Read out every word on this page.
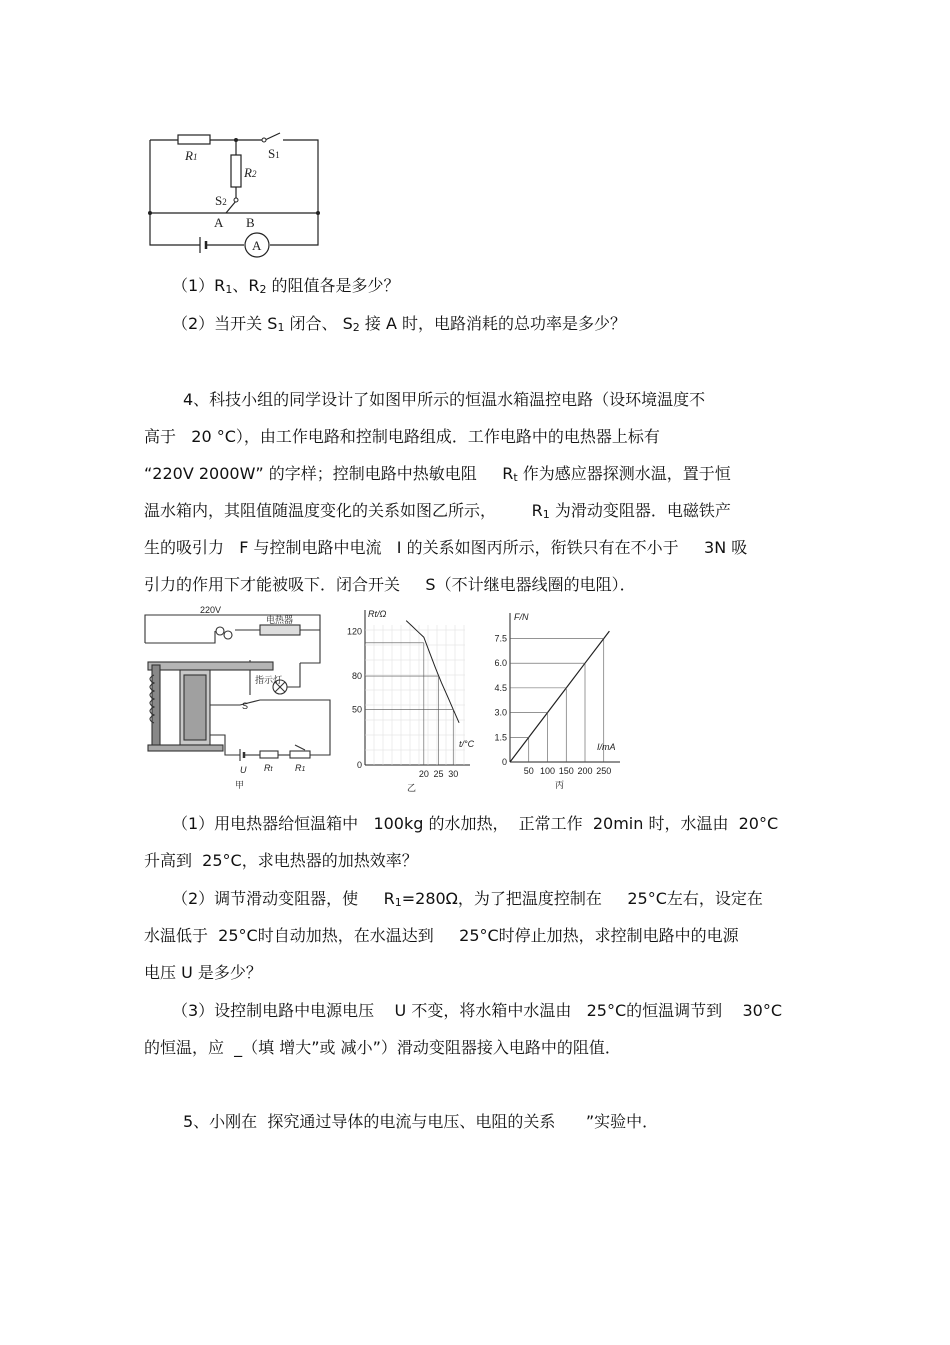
R1
R2
S1
S2
A B
A
（1）R1、R2 的阻值各是多少？
（2）当开关 S1 闭合、 S2 接 A 时，电路消耗的总功率是多少？
4、科技小组的同学设计了如图甲所示的恒温水箱温控电路（设环境温度不
高于   20 °C），由工作电路和控制电路组成．工作电路中的电热器上标有
“220V 2000W” 的字样；控制电路中热敏电阻     Rt 作为感应器探测水温，置于恒
温水箱内，其阻值随温度变化的关系如图乙所示，       R1 为滑动变阻器．电磁铁产
生的吸引力   F 与控制电路中电流   I 的关系如图丙所示，衔铁只有在不小于     3N 吸
引力的作用下才能被吸下．闭合开关     S（不计继电器线圈的电阻）．
220V
电热器
指示灯
S
U Rt	R1
甲
0
50
80
120
20 25 30
Rt/Ω
t/°C
乙
0
1.5
3.0
4.5
6.0
7.5
50 100 150 200 250
F/N
I/mA
丙
（1）用电热器给恒温箱中   100kg 的水加热，  正常工作  20min 时，水温由  20°C
升高到  25°C，求电热器的加热效率？
（2）调节滑动变阻器，使     R1=280Ω，为了把温度控制在     25°C左右，设定在
水温低于  25°C时自动加热，在水温达到     25°C时停止加热，求控制电路中的电源
电压 U 是多少？
（3）设控制电路中电源电压    U 不变，将水箱中水温由   25°C的恒温调节到    30°C
的恒温，应  _（填 增大”或 减小”）滑动变阻器接入电路中的阻值．
5、小刚在  探究通过导体的电流与电压、电阻的关系      ”实验中．
